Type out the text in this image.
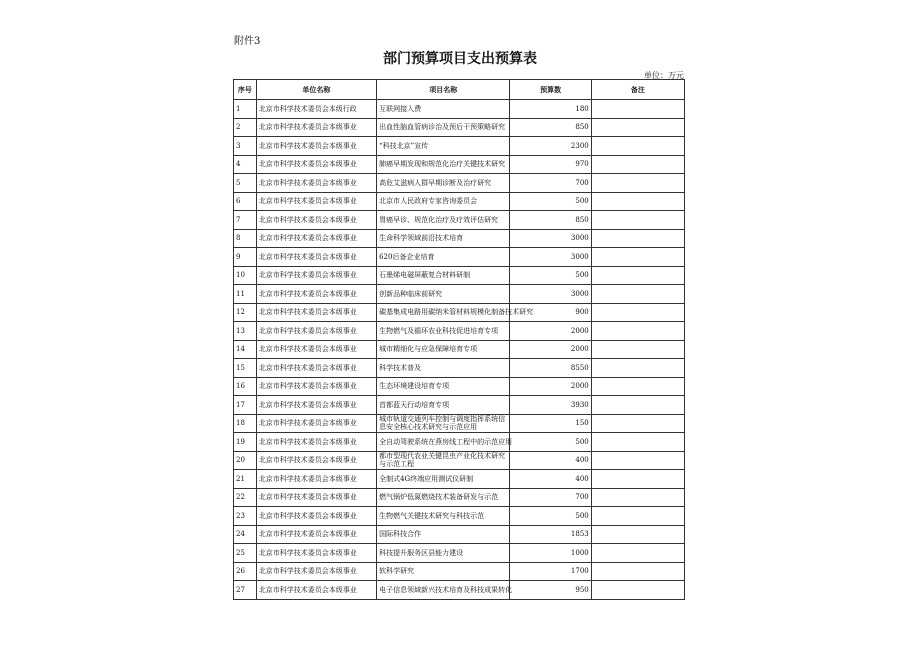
附件3
部门预算项目支出预算表
单位：万元
序号	单位名称	项目名称	预算数	备注
1	北京市科学技术委员会本级行政	互联网接入费	180	
2	北京市科学技术委员会本级事业	出血性脑血管病诊治及预后干预策略研究	850	
3	北京市科学技术委员会本级事业	“科技北京”宣传	2300	
4	北京市科学技术委员会本级事业	肺癌早期发现和规范化治疗关键技术研究	970	
5	北京市科学技术委员会本级事业	高危艾滋病人群早期诊断及治疗研究	700	
6	北京市科学技术委员会本级事业	北京市人民政府专家咨询委员会	500	
7	北京市科学技术委员会本级事业	胃癌早诊、规范化治疗及疗效评估研究	850	
8	北京市科学技术委员会本级事业	生命科学领域前沿技术培育	3000	
9	北京市科学技术委员会本级事业	620后备企业培育	3000	
10	北京市科学技术委员会本级事业	石墨烯电磁屏蔽复合材料研制	500	
11	北京市科学技术委员会本级事业	创新品种临床前研究	3000	
12	北京市科学技术委员会本级事业	碳基集成电路用碳纳米管材料规模化制备技术研究	900	
13	北京市科学技术委员会本级事业	生物燃气及循环农业科技促进培育专项	2000	
14	北京市科学技术委员会本级事业	城市精细化与应急保障培育专项	2000	
15	北京市科学技术委员会本级事业	科学技术普及	8550	
16	北京市科学技术委员会本级事业	生态环境建设培育专项	2000	
17	北京市科学技术委员会本级事业	首都蓝天行动培育专项	3930	
18	北京市科学技术委员会本级事业	城市轨道交通列车控制与调度指挥系统信息安全核心技术研究与示范应用	150	
19	北京市科学技术委员会本级事业	全自动驾驶系统在燕房线工程中的示范应用	500	
20	北京市科学技术委员会本级事业	都市型现代农业关键昆虫产业化技术研究与示范工程	400	
21	北京市科学技术委员会本级事业	全制式4G终端应用测试仪研制	400	
22	北京市科学技术委员会本级事业	燃气锅炉低氮燃烧技术装备研发与示范	700	
23	北京市科学技术委员会本级事业	生物燃气关键技术研究与科技示范	500	
24	北京市科学技术委员会本级事业	国际科技合作	1853	
25	北京市科学技术委员会本级事业	科技提升服务区县能力建设	1000	
26	北京市科学技术委员会本级事业	软科学研究	1700	
27	北京市科学技术委员会本级事业	电子信息领域新兴技术培育及科技成果转化	950	
